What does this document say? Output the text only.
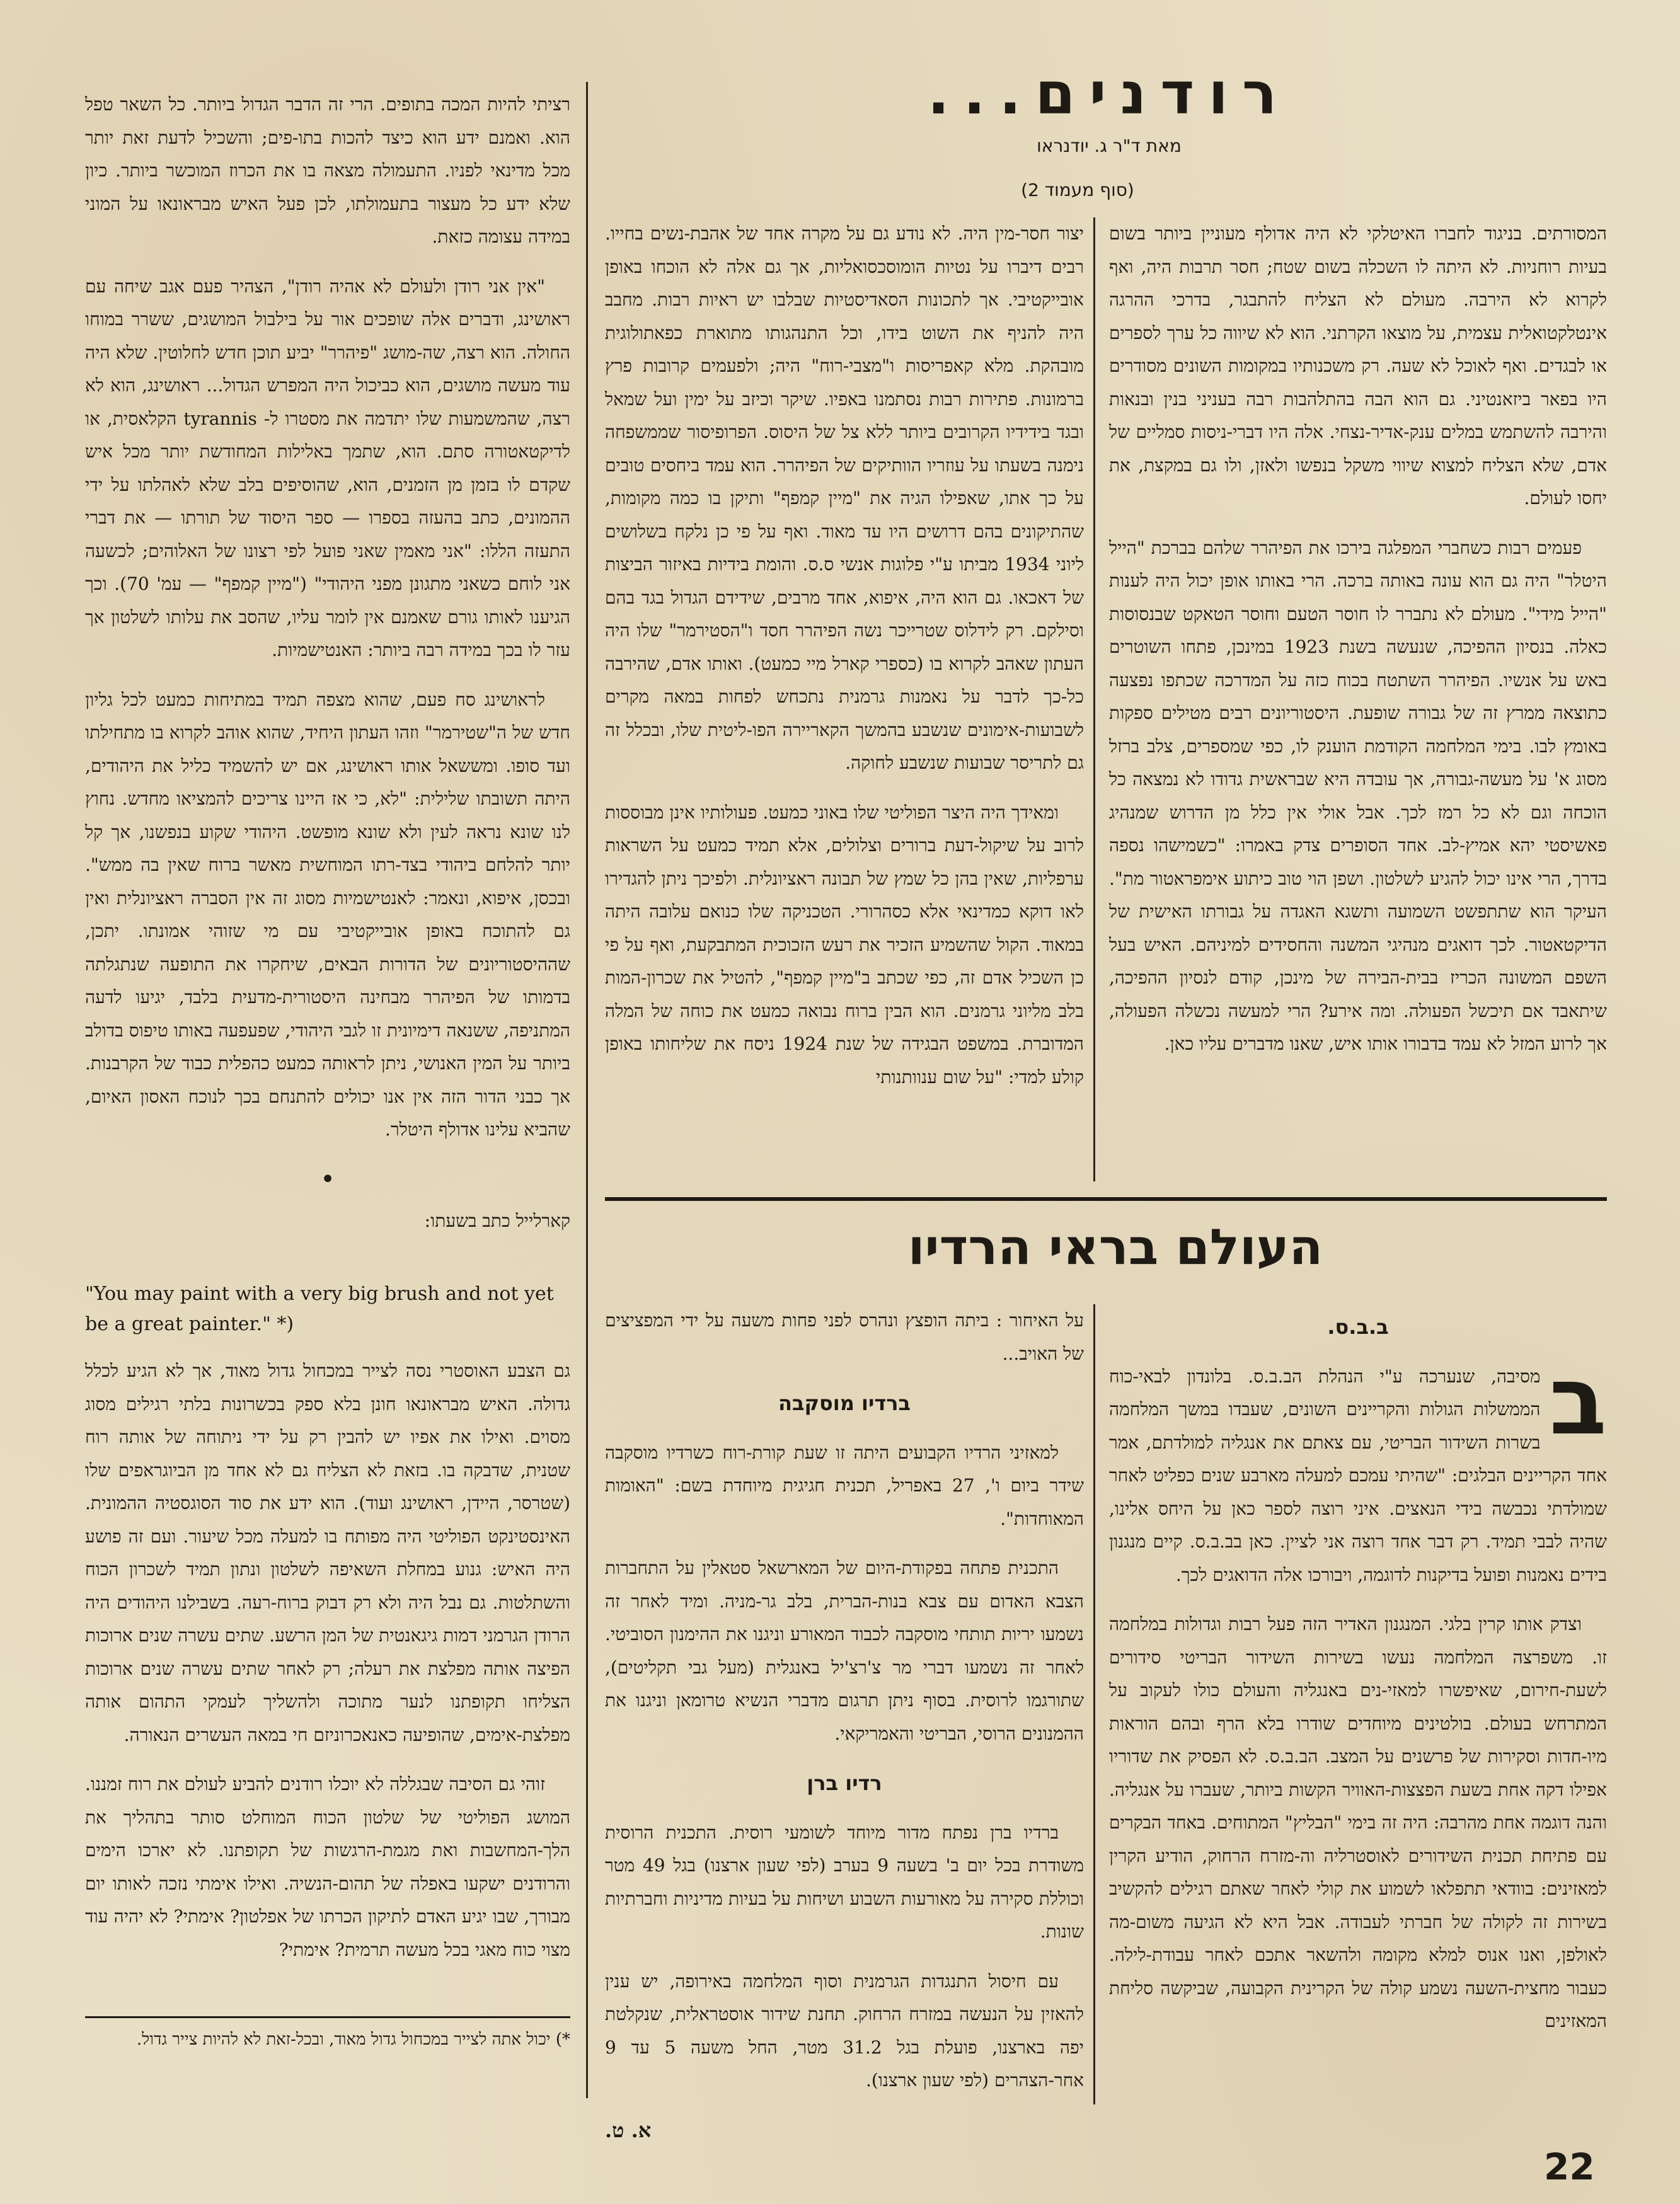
רודנים...
מאת ד"ר ג. יודנראו
(סוף מעמוד 2)

המסורתים. בניגוד לחברו האיטלקי לא היה אדולף מעוניין ביותר בשום בעיות רוחניות. לא היתה לו השכלה בשום שטח; חסר תרבות היה, ואף לקרוא לא הירבה. מעולם לא הצליח להתבגר, בדרכי ההרגה אינטלקטואלית עצמית, על מוצאו הקרתני. הוא לא שיווה כל ערך לספרים או לבגדים. ואף לאוכל לא שעה. רק משכנותיו במקומות השונים מסודרים היו בפאר ביזאנטיני. גם הוא הבה בהתלהבות רבה בעניני בנין ובנאות והירבה להשתמש במלים ענק-אדיר-נצחי. אלה היו דברי-ניסות סמליים של אדם, שלא הצליח למצוא שיווי משקל בנפשו ולאזן, ולו גם במקצת, את יחסו לעולם.

פעמים רבות כשחברי המפלגה בירכו את הפיהרר שלהם בברכת "הייל היטלר" היה גם הוא עונה באותה ברכה. הרי באותו אופן יכול היה לענות "הייל מידי". מעולם לא נתברר לו חוסר הטעם וחוסר הטאקט שבנסוסות כאלה. בנסיון ההפיכה, שנעשה בשנת 1923 במינכן, פתחו השוטרים באש על אנשיו. הפיהרר השתטח בכוח כזה על המדרכה שכתפו נפצעה כתוצאה ממרץ זה של גבורה שופעת. היסטוריונים רבים מטילים ספקות באומץ לבו. בימי המלחמה הקודמת הוענק לו, כפי שמספרים, צלב ברזל מסוג א' על מעשה-גבורה, אך עובדה היא שבראשית גדודו לא נמצאה כל הוכחה וגם לא כל רמז לכך. אבל אולי אין כלל מן הדרוש שמנהיג פאשיסטי יהא אמיץ-לב. אחד הסופרים צדק באמרו: "כשמישהו נספה בדרך, הרי אינו יכול להגיע לשלטון. ושפן הוי טוב כיתוע אימפראטור מת". העיקר הוא שתתפשט השמועה ותשגא האגדה על גבורתו האישית של הדיקטאטור. לכך דואגים מנהיגי המשנה והחסידים למיניהם. האיש בעל השפם המשונה הכריז בבית-הבירה של מינכן, קודם לנסיון ההפיכה, שיתאבד אם תיכשל הפעולה. ומה אירע? הרי למעשה נכשלה הפעולה, אך לרוע המזל לא עמד בדבורו אותו איש, שאנו מדברים עליו כאן.

יצור חסר-מין היה. לא נודע גם על מקרה אחד של אהבת-נשים בחייו. רבים דיברו על נטיות הומוסכסואליות, אך גם אלה לא הוכחו באופן אובייקטיבי. אך לתכונות הסאדיסטיות שבלבו יש ראיות רבות. מחבב היה להניף את השוט בידו, וכל התנהגותו מתוארת כפאתולוגית מובהקת. מלא קאפריסות ו"מצבי-רוח" היה; ולפעמים קרובות פרץ ברמונות. פתירות רבות נסתמנו באפיו. שיקר וכיזב על ימין ועל שמאל ובגד בידידיו הקרובים ביותר ללא צל של היסוס. הפרופיסור שממשפחה נימנה בשעתו על עוזריו הוותיקים של הפיהרר. הוא עמד ביחסים טובים על כך אתו, שאפילו הגיה את "מיין קמפף" ותיקן בו כמה מקומות, שהתיקונים בהם דרושים היו עד מאוד. ואף על פי כן נלקח בשלושים ליוני 1934 מביתו ע"י פלוגות אנשי ס.ס. והומת בידיות באיזור הביצות של דאכאו. גם הוא היה, איפוא, אחד מרבים, שידידם הגדול בגד בהם וסילקם. רק לידלוס שטרייכר נשה הפיהרר חסד ו"הסטירמר" שלו היה העתון שאהב לקרוא בו (כספרי קארל מיי כמעט). ואותו אדם, שהירבה כל-כך לדבר על נאמנות גרמנית נתכחש לפחות במאה מקרים לשבועות-אימונים שנשבע בהמשך הקאריירה הפו-ליטית שלו, ובכלל זה גם לתריסר שבועות שנשבע לחוקה.

ומאידך היה היצר הפוליטי שלו באוני כמעט. פעולותיו אינן מבוססות לרוב על שיקול-דעת ברורים וצלולים, אלא תמיד כמעט על השראות ערפליות, שאין בהן כל שמץ של תבונה ראציונלית. ולפיכך ניתן להגדירו לאו דוקא כמדינאי אלא כסהרורי. הטכניקה שלו כנואם עלובה היתה במאוד. הקול שהשמיע הזכיר את רעש הזכוכית המתבקעת, ואף על פי כן השכיל אדם זה, כפי שכתב ב"מיין קמפף", להטיל את שכרון-המות בלב מליוני גרמנים. הוא הבין ברוח נבואה כמעט את כוחה של המלה המדוברת. במשפט הבגידה של שנת 1924 ניסח את שליחותו באופן קולע למדי: "על שום ענוותנותי

רציתי להיות המכה בתופים. הרי זה הדבר הגדול ביותר. כל השאר טפל הוא. ואמנם ידע הוא כיצד להכות בתו-פים; והשכיל לדעת זאת יותר מכל מדינאי לפניו. התעמולה מצאה בו את הכרוז המוכשר ביותר. כיון שלא ידע כל מעצור בתעמולתו, לכן פעל האיש מבראונאו על המוני במידה עצומה כזאת.

"אין אני רודן ולעולם לא אהיה רודן", הצהיר פעם אגב שיחה עם ראושינג, ודברים אלה שופכים אור על בילבול המושגים, ששרר במוחו החולה. הוא רצה, שה-מושג "פיהרר" יביע תוכן חדש לחלוטין. שלא היה עוד מעשה מושגים, הוא כביכול היה המפרש הגדול... ראושינג, הוא לא רצה, שהמשמעות שלו יתדמה את מסטרו ל- tyrannis הקלאסית, או לדיקטאטורה סתם. הוא, שתמך באלילות המחודשת יותר מכל איש שקדם לו בזמן מן הזמנים, הוא, שהוסיפים בלב שלא לאהלתו על ידי ההמונים, כתב בהעזה בספרו — ספר היסוד של תורתו — את דברי התעזה הללו: "אני מאמין שאני פועל לפי רצונו של האלוהים; לכשעה אני לוחם כשאני מתגונן מפני היהודי" ("מיין קמפף" — עמ' 70). וכך הגיענו לאותו גורם שאמנם אין לומר עליו, שהסב את עלותו לשלטון אך עזר לו בכך במידה רבה ביותר: האנטישמיות.

לראושינג סח פעם, שהוא מצפה תמיד במתיחות כמעט לכל גליון חדש של ה"שטירמר" וזהו העתון היחיד, שהוא אוהב לקרוא בו מתחילתו ועד סופו. ומששאל אותו ראושינג, אם יש להשמיד כליל את היהודים, היתה תשובתו שלילית: "לא, כי אז היינו צריכים להמציאו מחדש. נחוץ לנו שונא נראה לעין ולא שונא מופשט. היהודי שקוע בנפשנו, אך קל יותר להלחם ביהודי בצד-רתו המוחשית מאשר ברוח שאין בה ממש". ובכסן, איפוא, ונאמר: לאנטישמיות מסוג זה אין הסברה ראציונלית ואין גם להתוכח באופן אובייקטיבי עם מי שזוהי אמונתו. יתכן, שההיסטוריונים של הדורות הבאים, שיחקרו את התופעה שנתגלתה בדמותו של הפיהרר מבחינה היסטורית-מדעית בלבד, יגיעו לדעה המתניפה, ששנאה דימיונית זו לגבי היהודי, שפעפעה באותו טיפוס בדולב ביותר על המין האנושי, ניתן לראותה כמעט כהפלית כבוד של הקרבנות. אך כבני הדור הזה אין אנו יכולים להתנחם בכך לנוכח האסון האיום, שהביא עלינו אדולף היטלר.

•

קארלייל כתב בשעתו:

"You may paint with a very big brush and not yet be a great painter." *)

גם הצבע האוסטרי נסה לצייר במכחול גדול מאוד, אך לא הגיע לכלל גדולה. האיש מבראונאו חונן בלא ספק בכשרונות בלתי רגילים מסוג מסוים. ואילו את אפיו יש להבין רק על ידי ניתוחה של אותה רוח שטנית, שדבקה בו. בזאת לא הצליח גם לא אחד מן הביוגראפים שלו (שטרסר, היידן, ראושינג ועוד). הוא ידע את סוד הסוגסטיה ההמונית. האינסטינקט הפוליטי היה מפותח בו למעלה מכל שיעור. ועם זה פושע היה האיש: גנוע במחלת השאיפה לשלטון ונתון תמיד לשכרון הכוח והשתלטות. גם נבל היה ולא רק דבוק ברוח-רעה. בשבילנו היהודים היה הרודן הגרמני דמות גיגאנטית של המן הרשע. שתים עשרה שנים ארוכות הפיצה אותה מפלצת את רעלה; רק לאחר שתים עשרה שנים ארוכות הצליחו תקופתנו לנער מתוכה ולהשליך לעמקי התהום אותה מפלצת-אימים, שהופיעה כאנאכרוניזם חי במאה העשרים הנאורה.

זוהי גם הסיבה שבגללה לא יוכלו רודנים להביע לעולם את רוח זמננו. המושג הפוליטי של שלטון הכוח המוחלט סותר בתהליך את הלך-המחשבות ואת מגמת-הרגשות של תקופתנו. לא יארכו הימים והרודנים ישקעו באפלה של תהום-הנשיה. ואילו אימתי נזכה לאותו יום מבורך, שבו יגיע האדם לתיקון הכרתו של אפלטון? אימתי? לא יהיה עוד מצוי כוח מאגי בכל מעשה תרמית? אימתי?

*) יכול אתה לצייר במכחול גדול מאוד, ובכל-זאת לא להיות צייר גדול.
העולם בראי הרדיו
ב.ב.ס.
ב

מסיבה, שנערכה ע"י הנהלת הב.ב.ס. בלונדון לבאי-כוח הממשלות הגולות והקריינים השונים, שעבדו במשך המלחמה בשרות השידור הבריטי, עם צאתם את אנגליה למולדתם, אמר אחד הקריינים הבלגים: "שהיתי עמכם למעלה מארבע שנים כפליט לאחר שמולדתי נכבשה בידי הנאצים. איני רוצה לספר כאן על היחס אלינו, שהיה לבבי תמיד. רק דבר אחד רוצה אני לציין. כאן בב.ב.ס. קיים מנגנון בידים נאמנות ופועל בדיקנות לדוגמה, ויבורכו אלה הדואגים לכך.

וצדק אותו קרין בלגי. המנגנון האדיר הזה פעל רבות וגדולות במלחמה זו. משפרצה המלחמה נעשו בשירות השידור הבריטי סידורים לשעת-חירום, שאיפשרו למאזי-נים באנגליה והעולם כולו לעקוב על המתרחש בעולם. בולטינים מיוחדים שודרו בלא הרף ובהם הוראות מיו-חדות וסקירות של פרשנים על המצב. הב.ב.ס. לא הפסיק את שדוריו אפילו דקה אחת בשעת הפצצות-האוויר הקשות ביותר, שעברו על אנגליה. והנה דוגמה אחת מהרבה: היה זה בימי "הבליץ" המתוחים. באחד הבקרים עם פתיחת תכנית השידורים לאוסטרליה וה-מזרח הרחוק, הודיע הקרין למאזינים: בוודאי תתפלאו לשמוע את קולי לאחר שאתם רגילים להקשיב בשירות זה לקולה של חברתי לעבודה. אבל היא לא הגיעה משום-מה לאולפן, ואנו אנוס למלא מקומה ולהשאר אתכם לאחר עבודת-לילה. כעבור מחצית-השעה נשמע קולה של הקרינית הקבועה, שביקשה סליחת המאזינים

על האיחור : ביתה הופצץ ונהרס לפני פחות משעה על ידי המפציצים של האויב...

ברדיו מוסקבה

למאזיני הרדיו הקבועים היתה זו שעת קורת-רוח כשרדיו מוסקבה שידר ביום ו', 27 באפריל, תכנית חגיגית מיוחדת בשם: "האומות המאוחדות".

התכנית פתחה בפקודת-היום של המארשאל סטאלין על התחברות הצבא האדום עם צבא בנות-הברית, בלב גר-מניה. ומיד לאחר זה נשמעו יריות תותחי מוסקבה לכבוד המאורע וניגנו את ההימנון הסוביטי. לאחר זה נשמעו דברי מר צ'רצ'יל באנגלית (מעל גבי תקליטים), שתורגמו לרוסית. בסוף ניתן תרגום מדברי הנשיא טרומאן וניגנו את ההמנונים הרוסי, הבריטי והאמריקאי.

רדיו ברן

ברדיו ברן נפתח מדור מיוחד לשומעי רוסית. התכנית הרוסית משודרת בכל יום ב' בשעה 9 בערב (לפי שעון ארצנו) בגל 49 מטר וכוללת סקירה על מאורעות השבוע ושיחות על בעיות מדיניות וחברתיות שונות.

עם חיסול התנגדות הגרמנית וסוף המלחמה באירופה, יש ענין להאזין על הנעשה במזרח הרחוק. תחנת שידור אוסטראלית, שנקלטת יפה בארצנו, פועלת בגל 31.2 מטר, החל משעה 5 עד 9 אחר-הצהרים (לפי שעון ארצנו).

א. ט.
22
